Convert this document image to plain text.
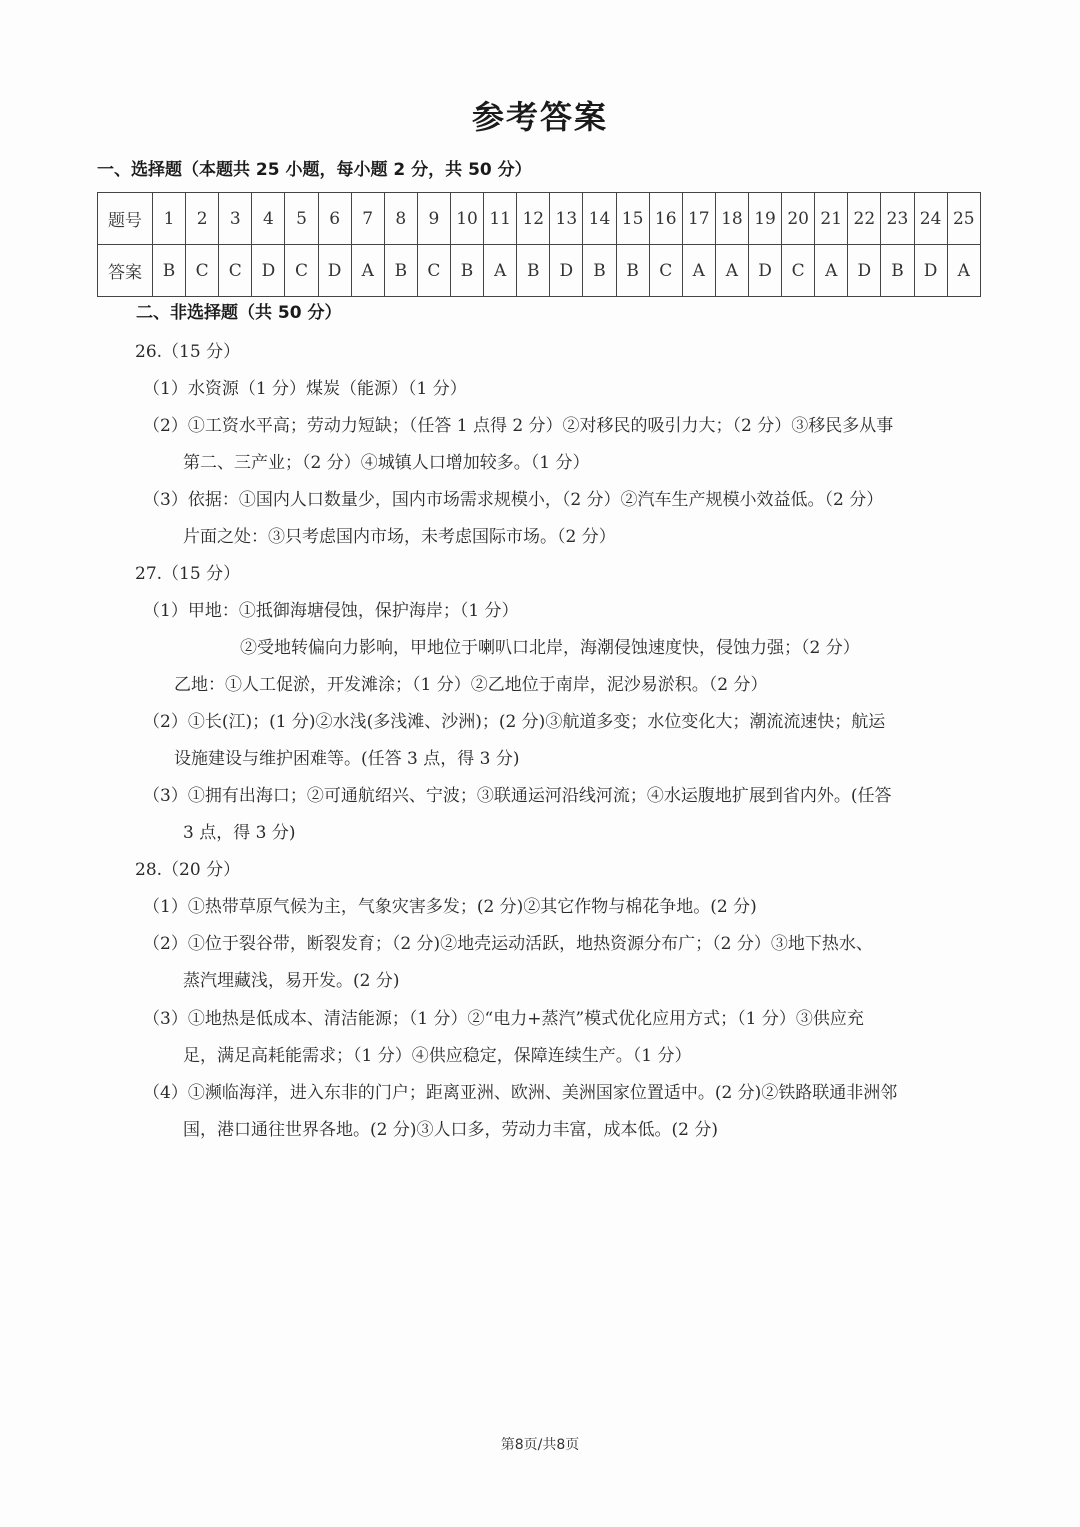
参考答案
一、选择题（本题共 25 小题，每小题 2 分，共 50 分）
题号	1	2	3	4	5	6	7	8	9	10	11	12	13	14	15	16	17	18	19	20	21	22	23	24	25
答案	B	C	C	D	C	D	A	B	C	B	A	B	D	B	B	C	A	A	D	C	A	D	B	D	A
二、非选择题（共 50 分）
26.（15 分）
（1）水资源（1 分）煤炭（能源）（1 分）
（2）①工资水平高；劳动力短缺；（任答 1 点得 2 分）②对移民的吸引力大；（2 分）③移民多从事
第二、三产业；（2 分）④城镇人口增加较多。（1 分）
（3）依据：①国内人口数量少，国内市场需求规模小，（2 分）②汽车生产规模小效益低。（2 分）
片面之处：③只考虑国内市场，未考虑国际市场。（2 分）
27.（15 分）
（1）甲地：①抵御海塘侵蚀，保护海岸；（1 分）
②受地转偏向力影响，甲地位于喇叭口北岸，海潮侵蚀速度快，侵蚀力强；（2 分）
乙地：①人工促淤，开发滩涂；（1 分）②乙地位于南岸，泥沙易淤积。（2 分）
（2）①长(江)；(1 分)②水浅(多浅滩、沙洲)；(2 分)③航道多变；水位变化大；潮流流速快；航运
设施建设与维护困难等。(任答 3 点，得 3 分)
（3）①拥有出海口；②可通航绍兴、宁波；③联通运河沿线河流；④水运腹地扩展到省内外。(任答
3 点，得 3 分)
28.（20 分）
（1）①热带草原气候为主，气象灾害多发；(2 分)②其它作物与棉花争地。(2 分)
（2）①位于裂谷带，断裂发育；（2 分)②地壳运动活跃，地热资源分布广；（2 分）③地下热水、
蒸汽埋藏浅，易开发。(2 分)
（3）①地热是低成本、清洁能源；（1 分）②“电力+蒸汽”模式优化应用方式；（1 分）③供应充
足，满足高耗能需求；（1 分）④供应稳定，保障连续生产。（1 分）
（4）①濒临海洋，进入东非的门户；距离亚洲、欧洲、美洲国家位置适中。(2 分)②铁路联通非洲邻
国，港口通往世界各地。(2 分)③人口多，劳动力丰富，成本低。(2 分)
第8页/共8页
